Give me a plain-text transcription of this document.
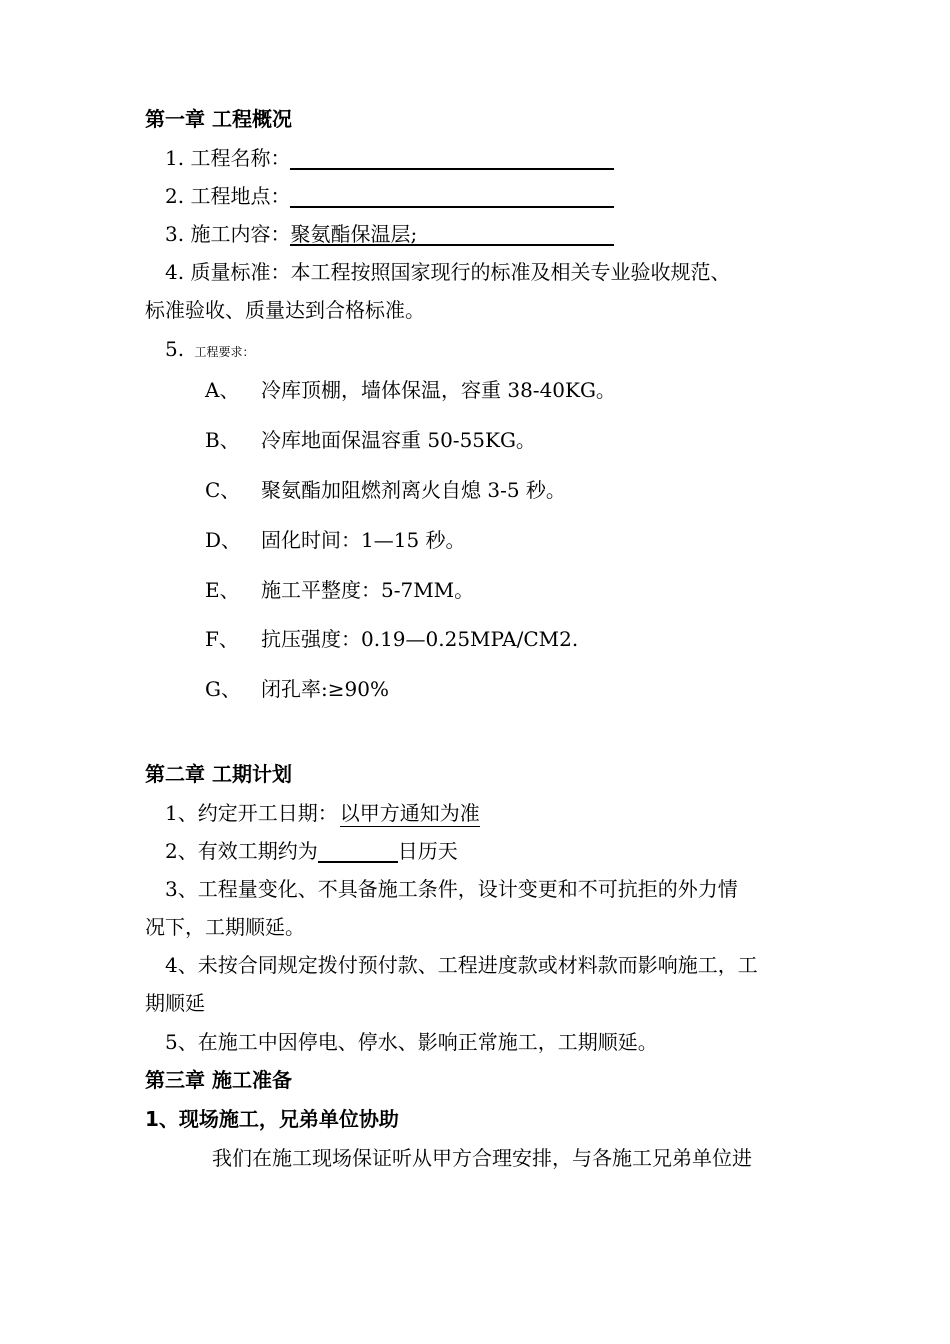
第一章 工程概况
1. 工程名称：
2. 工程地点：
3. 施工内容：聚氨酯保温层;
4. 质量标准：本工程按照国家现行的标准及相关专业验收规范、
标准验收、质量达到合格标准。
5. 工程要求：
A、 冷库顶棚，墙体保温，容重 38-40KG。
B、 冷库地面保温容重 50-55KG。
C、 聚氨酯加阻燃剂离火自熄 3-5 秒。
D、 固化时间：1—15 秒。
E、 施工平整度：5-7MM。
F、 抗压强度：0.19—0.25MPA/CM2.
G、 闭孔率:≥90%
第二章 工期计划
1、约定开工日期： 以甲方通知为准
2、有效工期约为	日历天
3、工程量变化、不具备施工条件，设计变更和不可抗拒的外力情
况下，工期顺延。
4、未按合同规定拨付预付款、工程进度款或材料款而影响施工，工
期顺延
5、在施工中因停电、停水、影响正常施工，工期顺延。
第三章 施工准备
1、现场施工，兄弟单位协助
我们在施工现场保证听从甲方合理安排，与各施工兄弟单位进
